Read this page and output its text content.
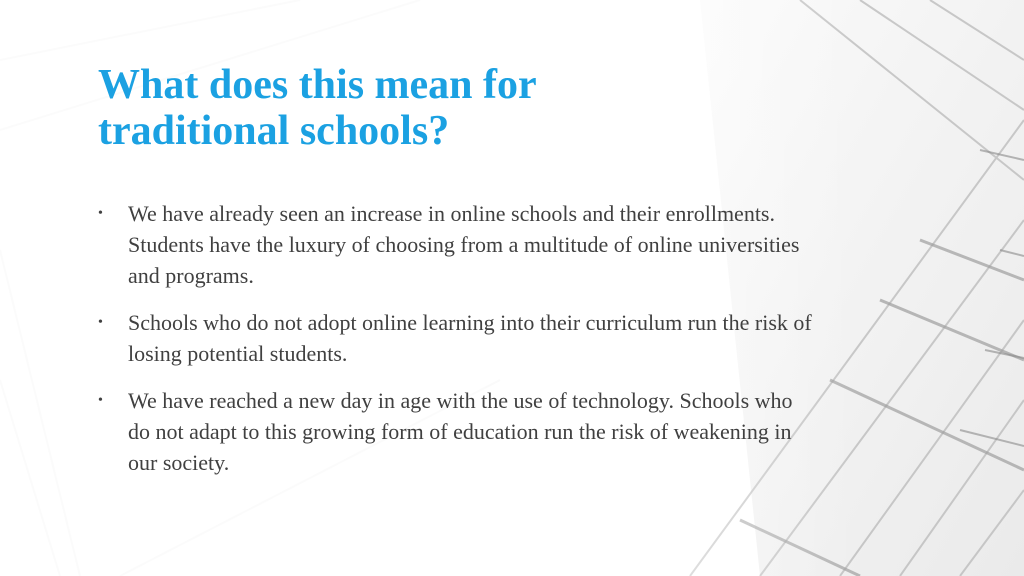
What does this mean for traditional schools?
• We have already seen an increase in online schools and their enrollments. Students have the luxury of choosing from a multitude of online universities and programs.
• Schools who do not adopt online learning into their curriculum run the risk of losing potential students.
• We have reached a new day in age with the use of technology. Schools who do not adapt to this growing form of education run the risk of weakening in our society.
